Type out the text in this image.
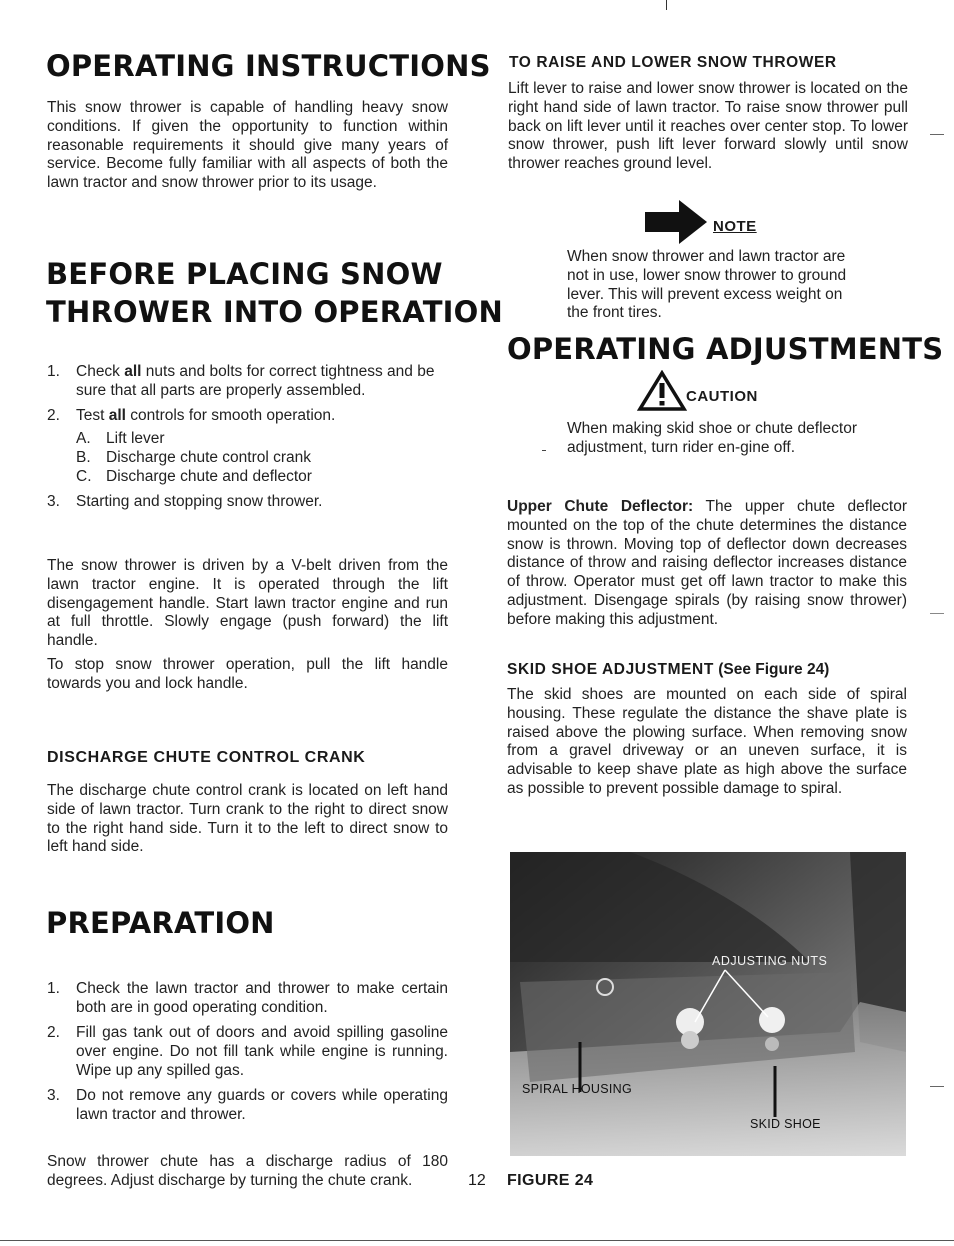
OPERATING INSTRUCTIONS

This snow thrower is capable of handling heavy snow conditions. If given the opportunity to function within reasonable requirements it should give many years of service. Become fully familiar with all aspects of both the lawn tractor and snow thrower prior to its usage.

BEFORE PLACING SNOW
THROWER INTO OPERATION
1. Check all nuts and bolts for correct tightness and be sure that all parts are properly assembled.
2. Test all controls for smooth operation.
A. Lift lever
B. Discharge chute control crank
C. Discharge chute and deflector
3. Starting and stopping snow thrower.

The snow thrower is driven by a V-belt driven from the lawn tractor engine. It is operated through the lift disengagement handle. Start lawn tractor engine and run at full throttle. Slowly engage (push forward) the lift handle.

To stop snow thrower operation, pull the lift handle towards you and lock handle.

DISCHARGE CHUTE CONTROL CRANK

The discharge chute control crank is located on left hand side of lawn tractor. Turn crank to the right to direct snow to the right hand side. Turn it to the left to direct snow to left hand side.

PREPARATION
1. Check the lawn tractor and thrower to make certain both are in good operating condition.
2. Fill gas tank out of doors and avoid spilling gasoline over engine. Do not fill tank while engine is running. Wipe up any spilled gas.
3. Do not remove any guards or covers while operating lawn tractor and thrower.

Snow thrower chute has a discharge radius of 180 degrees. Adjust discharge by turning the chute crank.	12
TO RAISE AND LOWER SNOW THROWER

Lift lever to raise and lower snow thrower is located on the right hand side of lawn tractor. To raise snow thrower pull back on lift lever until it reaches over center stop. To lower snow thrower, push lift lever forward slowly until snow thrower reaches ground level.

NOTE

When snow thrower and lawn tractor are not in use, lower snow thrower to ground lever. This will prevent excess weight on the front tires.

OPERATING ADJUSTMENTS
CAUTION

When making skid shoe or chute deflector adjustment, turn rider en-gine off.

Upper Chute Deflector: The upper chute deflector mounted on the top of the chute determines the distance snow is thrown. Moving top of deflector down decreases distance of throw and raising deflector increases distance of throw. Operator must get off lawn tractor to make this adjustment. Disengage spirals (by raising snow thrower) before making this adjustment.

SKID SHOE ADJUSTMENT (See Figure 24)

The skid shoes are mounted on each side of spiral housing. These regulate the distance the shave plate is raised above the plowing surface. When removing snow from a gravel driveway or an uneven surface, it is advisable to keep shave plate as high above the surface as possible to prevent possible damage to spiral.

ADJUSTING NUTS
SPIRAL HOUSING
SKID SHOE
FIGURE 24
